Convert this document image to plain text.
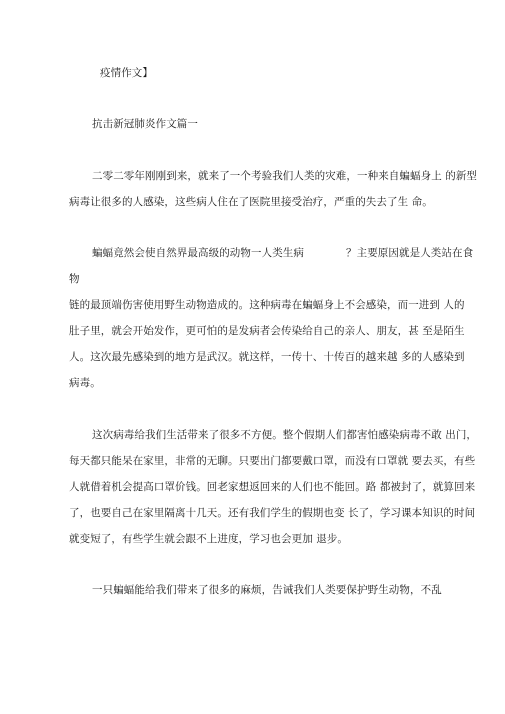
疫情作文】
抗击新冠肺炎作文篇一
二零二零年刚刚到来，就来了一个考验我们人类的灾难，一种来自蝙蝠身上 的新型
病毒让很多的人感染，这些病人住在了医院里接受治疗，严重的失去了生 命。
蝙蝠竟然会使自然界最高级的动物一人类生病	？主要原因就是人类站在食
物
链的最顶端伤害使用野生动物造成的。这种病毒在蝙蝠身上不会感染，而一进到 人的
肚子里，就会开始发作，更可怕的是发病者会传染给自己的亲人、朋友，甚 至是陌生
人。这次最先感染到的地方是武汉。就这样，一传十、十传百的越来越 多的人感染到
病毒。
这次病毒给我们生活带来了很多不方便。整个假期人们都害怕感染病毒不敢 出门，
每天都只能呆在家里，非常的无聊。只要出门都要戴口罩，而没有口罩就 要去买，有些
人就借着机会提高口罩价钱。回老家想返回来的人们也不能回。路 都被封了，就算回来
了，也要自己在家里隔离十几天。还有我们学生的假期也变 长了，学习课本知识的时间
就变短了，有些学生就会跟不上进度，学习也会更加 退步。
一只蝙蝠能给我们带来了很多的麻烦，告诫我们人类要保护野生动物，不乱
